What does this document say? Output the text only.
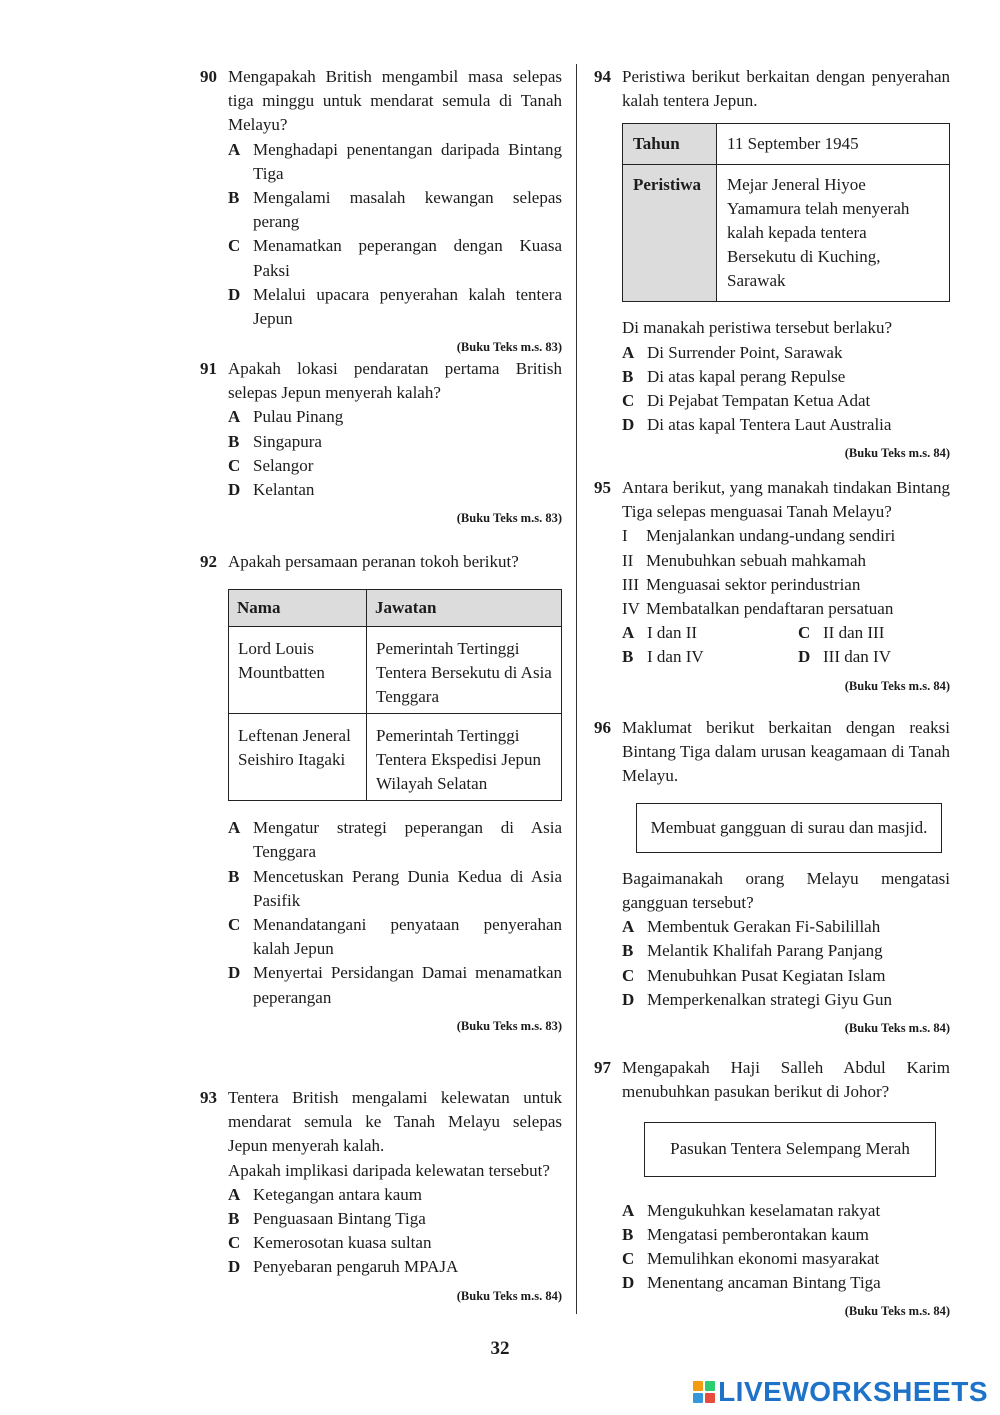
90 Mengapakah British mengambil masa selepas tiga minggu untuk mendarat semula di Tanah Melayu?
A Menghadapi penentangan daripada Bintang Tiga
B Mengalami masalah kewangan selepas perang
C Menamatkan peperangan dengan Kuasa Paksi
D Melalui upacara penyerahan kalah tentera Jepun
(Buku Teks m.s. 83)
91 Apakah lokasi pendaratan pertama British selepas Jepun menyerah kalah?
A Pulau Pinang
B Singapura
C Selangor
D Kelantan
(Buku Teks m.s. 83)
92 Apakah persamaan peranan tokoh berikut?
Nama	Jawatan
Lord Louis Mountbatten	Pemerintah Tertinggi Tentera Bersekutu di Asia Tenggara
Leftenan Jeneral Seishiro Itagaki	Pemerintah Tertinggi Tentera Ekspedisi Jepun Wilayah Selatan
A Mengatur strategi peperangan di Asia Tenggara
B Mencetuskan Perang Dunia Kedua di Asia Pasifik
C Menandatangani penyataan penyerahan kalah Jepun
D Menyertai Persidangan Damai menamatkan peperangan
(Buku Teks m.s. 83)
93 Tentera British mengalami kelewatan untuk mendarat semula ke Tanah Melayu selepas Jepun menyerah kalah.
Apakah implikasi daripada kelewatan tersebut?
A Ketegangan antara kaum
B Penguasaan Bintang Tiga
C Kemerosotan kuasa sultan
D Penyebaran pengaruh MPAJA
(Buku Teks m.s. 84)
94 Peristiwa berikut berkaitan dengan penyerahan kalah tentera Jepun.
Tahun	11 September 1945
Peristiwa	Mejar Jeneral Hiyoe Yamamura telah menyerah kalah kepada tentera Bersekutu di Kuching, Sarawak
Di manakah peristiwa tersebut berlaku?
A Di Surrender Point, Sarawak
B Di atas kapal perang Repulse
C Di Pejabat Tempatan Ketua Adat
D Di atas kapal Tentera Laut Australia
(Buku Teks m.s. 84)
95 Antara berikut, yang manakah tindakan Bintang Tiga selepas menguasai Tanah Melayu?
I	Menjalankan undang-undang sendiri
II Menubuhkan sebuah mahkamah
III Menguasai sektor perindustrian
IV Membatalkan pendaftaran persatuan
A I dan II	C II dan III
B I dan IV	D III dan IV
(Buku Teks m.s. 84)
96 Maklumat berikut berkaitan dengan reaksi Bintang Tiga dalam urusan keagamaan di Tanah Melayu.
Membuat gangguan di surau dan masjid.
Bagaimanakah orang Melayu mengatasi gangguan tersebut?
A Membentuk Gerakan Fi-Sabilillah
B Melantik Khalifah Parang Panjang
C Menubuhkan Pusat Kegiatan Islam
D Memperkenalkan strategi Giyu Gun
(Buku Teks m.s. 84)
97 Mengapakah Haji Salleh Abdul Karim menubuhkan pasukan berikut di Johor?
Pasukan Tentera Selempang Merah
A Mengukuhkan keselamatan rakyat
B Mengatasi pemberontakan kaum
C Memulihkan ekonomi masyarakat
D Menentang ancaman Bintang Tiga
(Buku Teks m.s. 84)
32
LIVEWORKSHEETS
